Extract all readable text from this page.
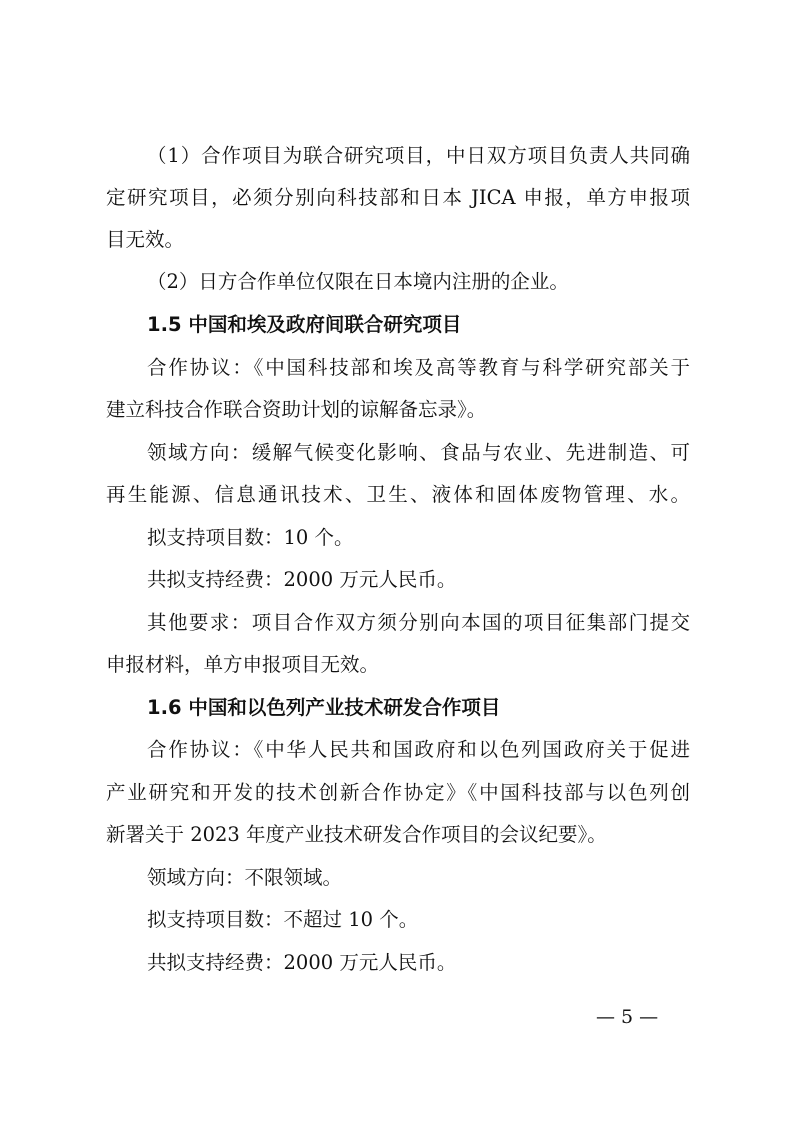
（1）合作项目为联合研究项目，中日双方项目负责人共同确
定研究项目，必须分别向科技部和日本 JICA 申报，单方申报项
目无效。
（2）日方合作单位仅限在日本境内注册的企业。
1.5 中国和埃及政府间联合研究项目
合作协议：《中国科技部和埃及高等教育与科学研究部关于
建立科技合作联合资助计划的谅解备忘录》。
领域方向：缓解气候变化影响、食品与农业、先进制造、可
再生能源、信息通讯技术、卫生、液体和固体废物管理、水。
拟支持项目数：10 个。
共拟支持经费：2000 万元人民币。
其他要求：项目合作双方须分别向本国的项目征集部门提交
申报材料，单方申报项目无效。
1.6 中国和以色列产业技术研发合作项目
合作协议：《中华人民共和国政府和以色列国政府关于促进
产业研究和开发的技术创新合作协定》《中国科技部与以色列创
新署关于 2023 年度产业技术研发合作项目的会议纪要》。
领域方向：不限领域。
拟支持项目数：不超过 10 个。
共拟支持经费：2000 万元人民币。
— 5 —
